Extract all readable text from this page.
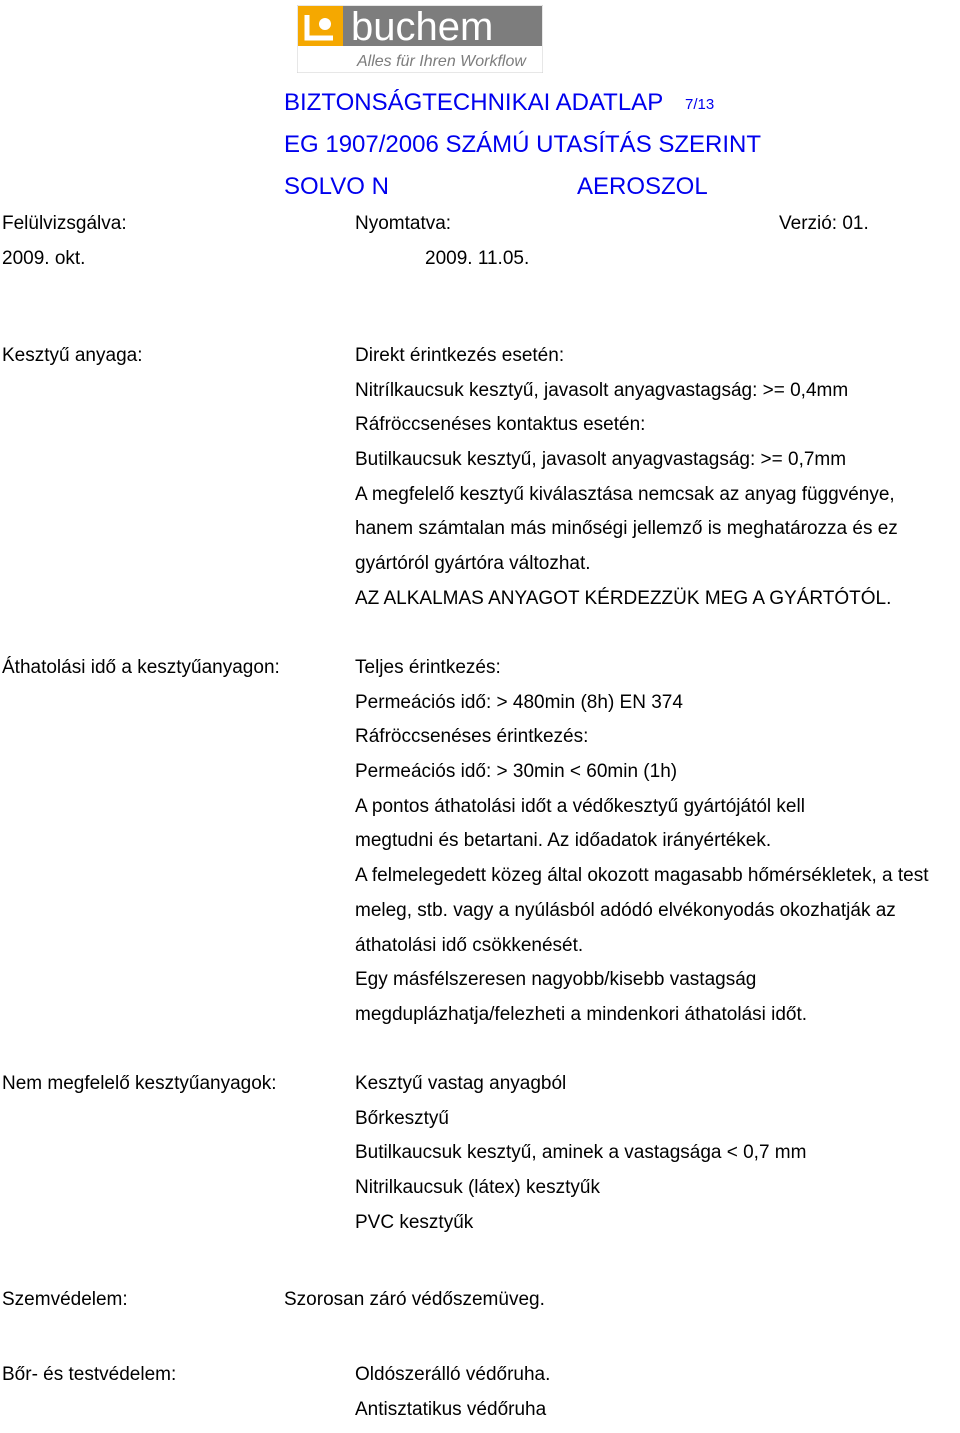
buchem
Alles für Ihren Workflow
BIZTONSÁGTECHNIKAI ADATLAP 7/13
EG 1907/2006 SZÁMÚ UTASÍTÁS SZERINT
SOLVO N	AEROSZOL
Felülvizsgálva:	Nyomtatva:	Verzió: 01.
2009. okt.	2009. 11.05.
Kesztyű anyaga:	Direkt érintkezés esetén:
Nitrílkaucsuk kesztyű, javasolt anyagvastagság: >= 0,4mm
Ráfröccsenéses kontaktus esetén:
Butilkaucsuk kesztyű, javasolt anyagvastagság: >= 0,7mm
A megfelelő kesztyű kiválasztása nemcsak az anyag függvénye,
hanem számtalan más minőségi jellemző is meghatározza és ez
gyártóról gyártóra változhat.
AZ ALKALMAS ANYAGOT KÉRDEZZÜK MEG A GYÁRTÓTÓL.
Áthatolási idő a kesztyűanyagon:	Teljes érintkezés:
Permeációs idő: > 480min (8h) EN 374
Ráfröccsenéses érintkezés:
Permeációs idő: > 30min < 60min (1h)
A pontos áthatolási időt a védőkesztyű gyártójától kell
megtudni és betartani. Az időadatok irányértékek.
A felmelegedett közeg által okozott magasabb hőmérsékletek, a test
meleg, stb. vagy a nyúlásból adódó elvékonyodás okozhatják az
áthatolási idő csökkenését.
Egy másfélszeresen nagyobb/kisebb vastagság
megduplázhatja/felezheti a mindenkori áthatolási időt.
Nem megfelelő kesztyűanyagok:	Kesztyű vastag anyagból
Bőrkesztyű
Butilkaucsuk kesztyű, aminek a vastagsága < 0,7 mm
Nitrilkaucsuk (látex) kesztyűk
PVC kesztyűk
Szemvédelem:	Szorosan záró védőszemüveg.
Bőr- és testvédelem:	Oldószerálló védőruha.
Antisztatikus védőruha
